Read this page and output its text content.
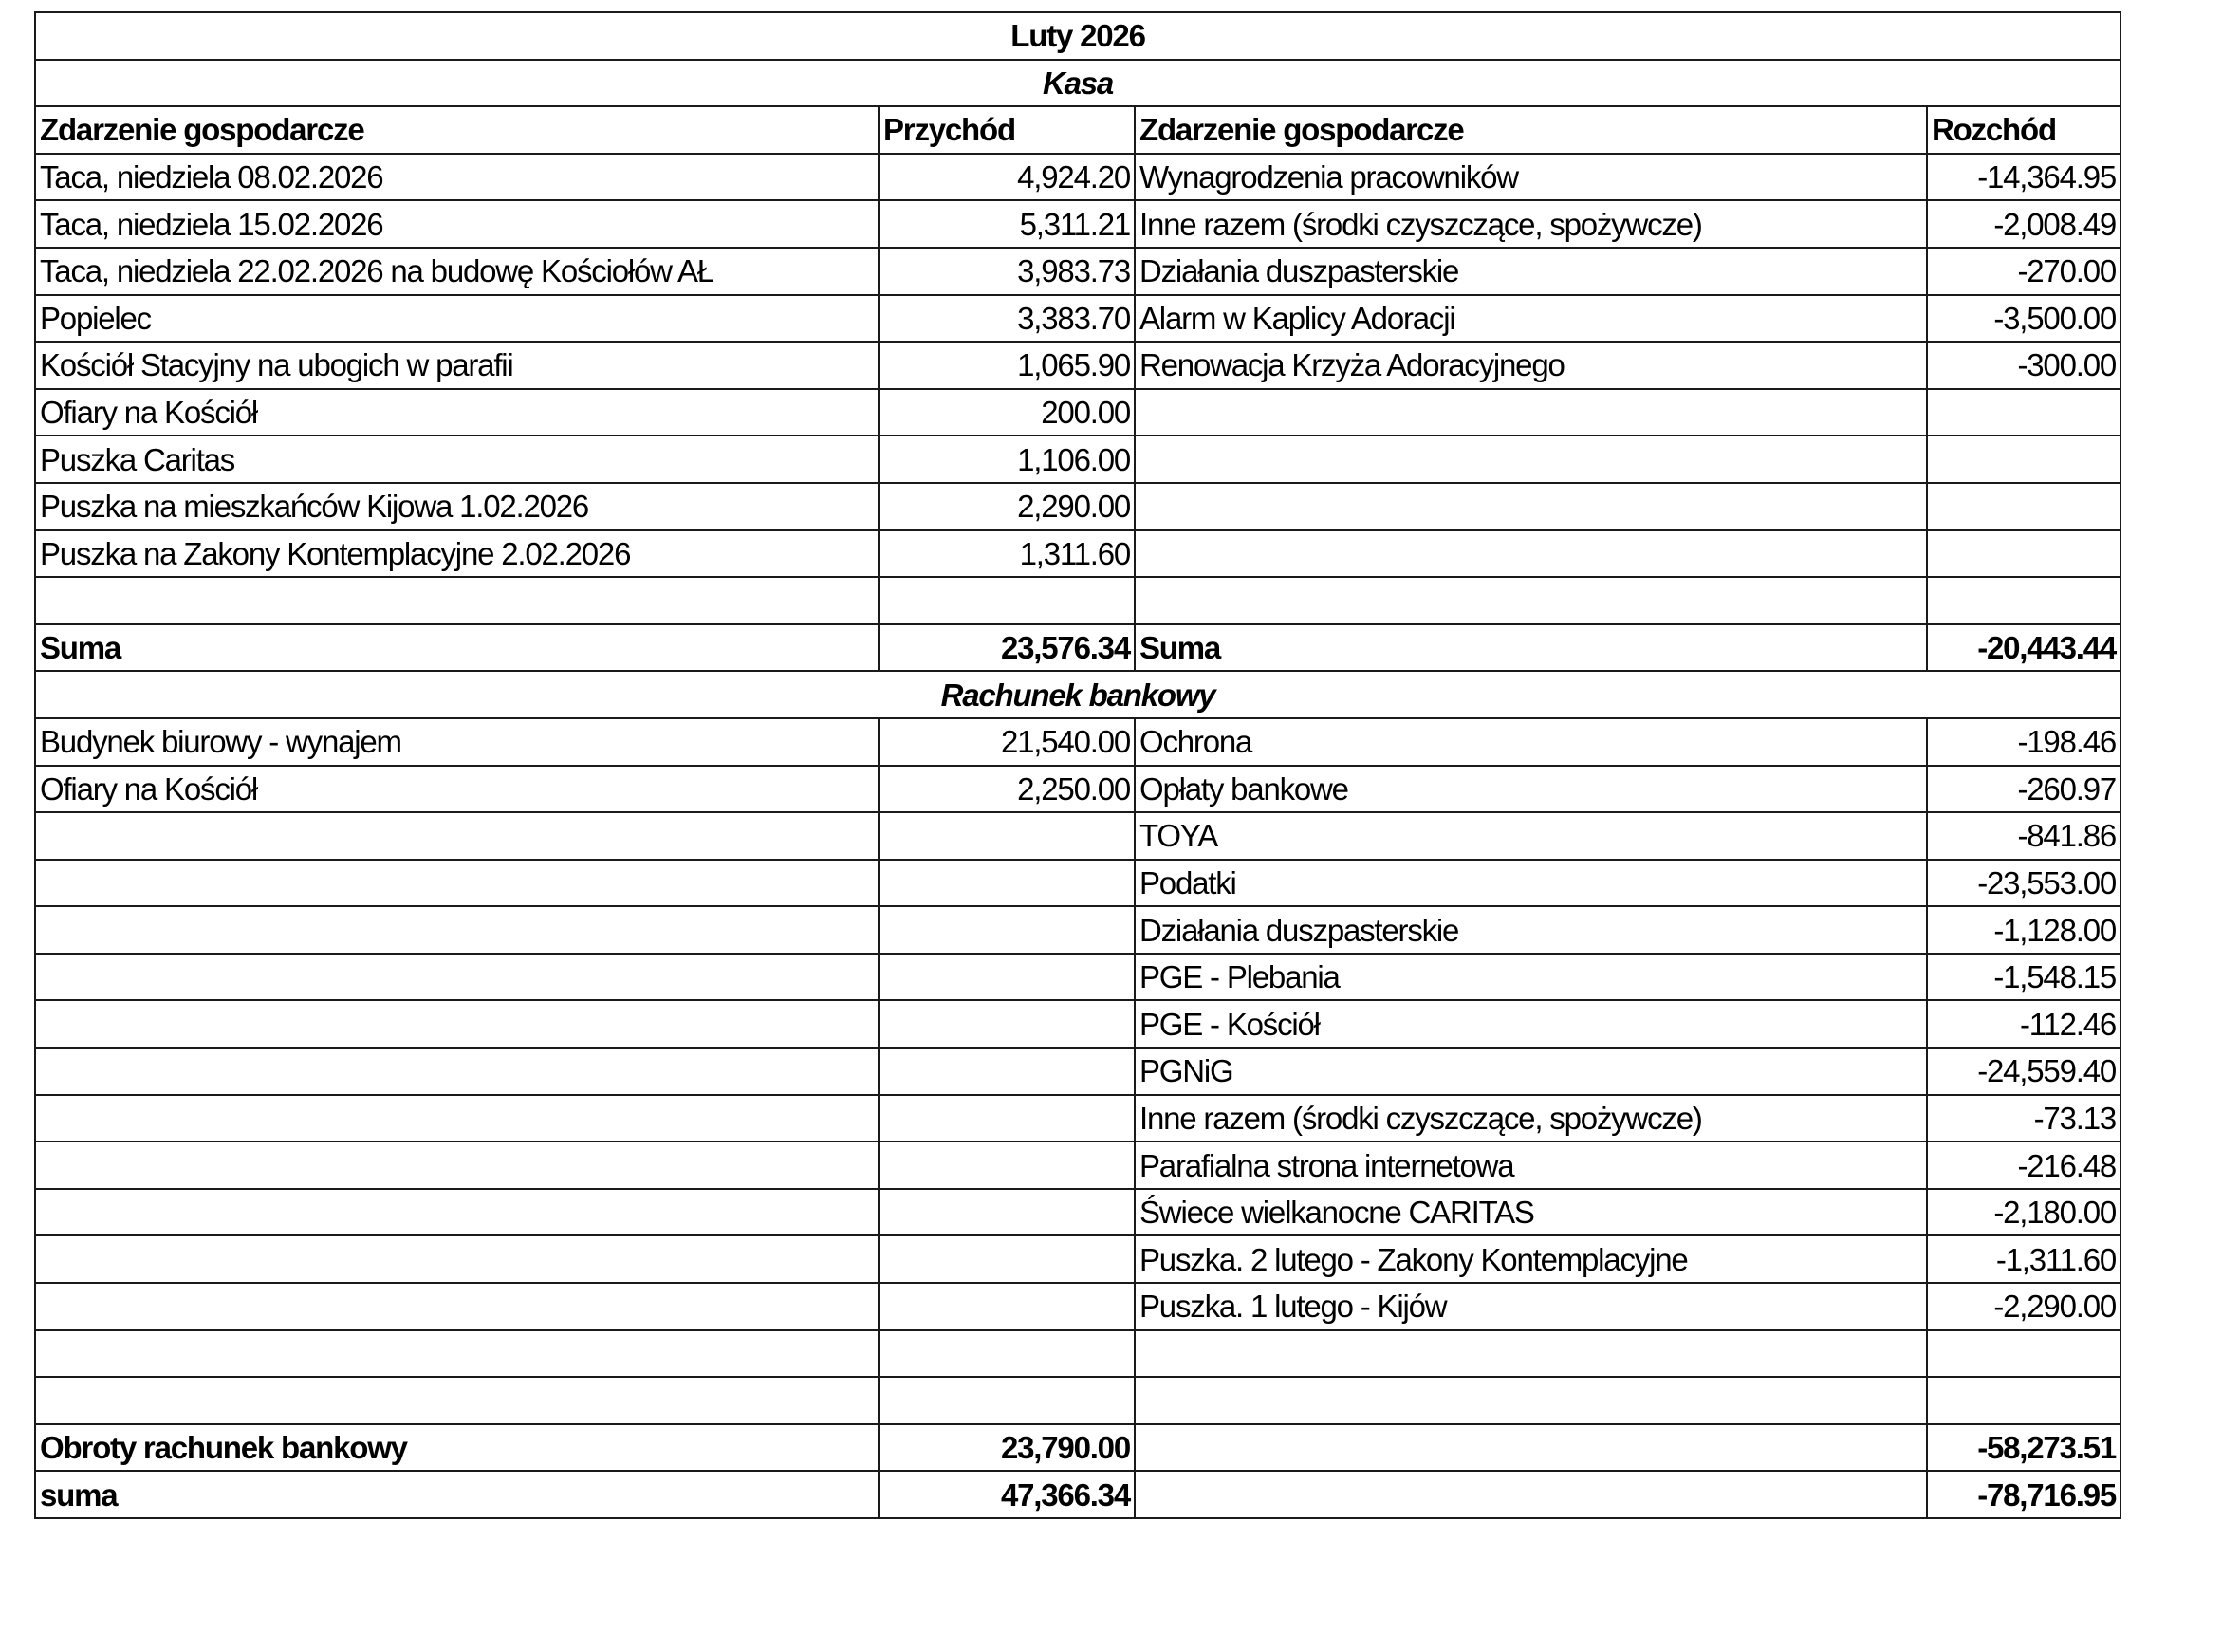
Luty 2026			
Kasa			
Zdarzenie gospodarcze	Przychód	Zdarzenie gospodarcze	Rozchód
Taca, niedziela 08.02.2026	4,924.20	Wynagrodzenia pracowników	-14,364.95
Taca, niedziela 15.02.2026	5,311.21	Inne razem (środki czyszczące, spożywcze)	-2,008.49
Taca, niedziela 22.02.2026 na budowę Kościołów AŁ	3,983.73	Działania duszpasterskie	-270.00
Popielec	3,383.70	Alarm w Kaplicy Adoracji	-3,500.00
Kościół Stacyjny na ubogich w parafii	1,065.90	Renowacja Krzyża Adoracyjnego	-300.00
Ofiary na Kościół	200.00		
Puszka Caritas	1,106.00		
Puszka na mieszkańców Kijowa 1.02.2026	2,290.00		
Puszka na Zakony Kontemplacyjne 2.02.2026	1,311.60		

Suma	23,576.34	Suma	-20,443.44
Rachunek bankowy			
Budynek biurowy - wynajem	21,540.00	Ochrona	-198.46
Ofiary na Kościół	2,250.00	Opłaty bankowe	-260.97
		TOYA	-841.86
		Podatki	-23,553.00
		Działania duszpasterskie	-1,128.00
		PGE - Plebania	-1,548.15
		PGE - Kościół	-112.46
		PGNiG	-24,559.40
		Inne razem (środki czyszczące, spożywcze)	-73.13
		Parafialna strona internetowa	-216.48
		Świece wielkanocne CARITAS	-2,180.00
		Puszka. 2 lutego - Zakony Kontemplacyjne	-1,311.60
		Puszka. 1 lutego - Kijów	-2,290.00

Obroty rachunek bankowy	23,790.00		-58,273.51
suma	47,366.34		-78,716.95
